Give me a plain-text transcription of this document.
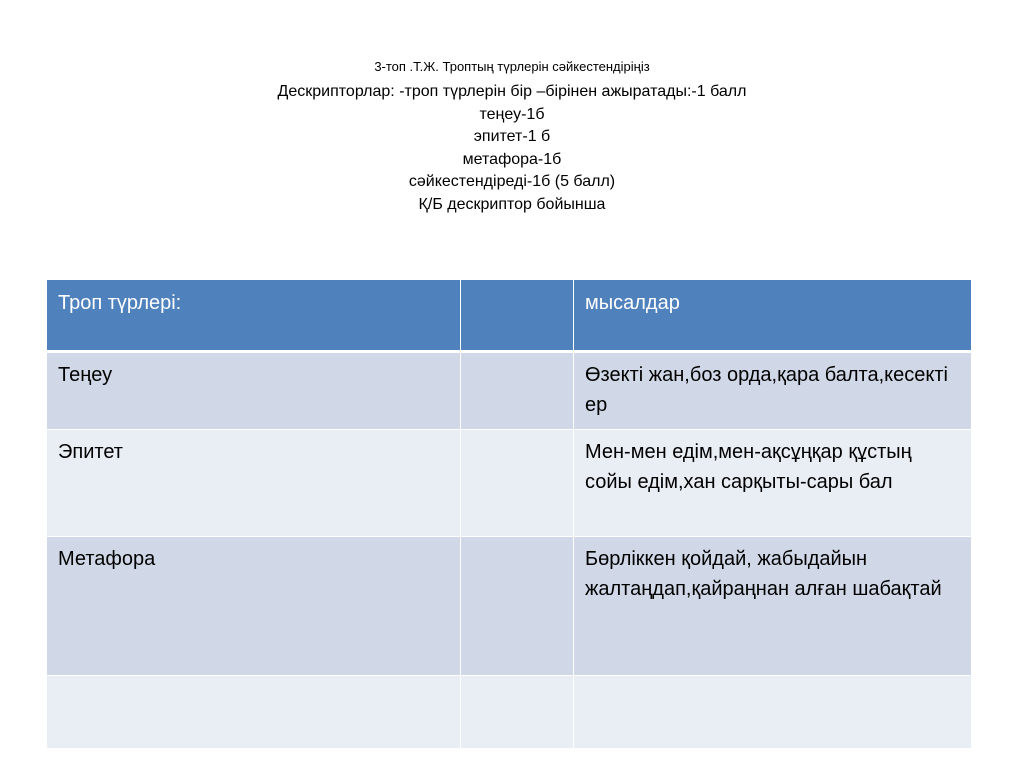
3-топ .Т.Ж. Троптың түрлерін сәйкестендіріңіз
Дескрипторлар: -троп түрлерін бір –бірінен ажыратады:-1 балл
теңеу-1б
эпитет-1 б
метафора-1б
сәйкестендіреді-1б (5 балл)
Қ/Б дескриптор бойынша
Троп түрлері:		мысалдар
Теңеу		Өзекті жан,боз орда,қара балта,кесекті ер
Эпитет		Мен-мен едім,мен-ақсұңқар құстың сойы едім,хан сарқыты-сары бал
Метафора		Бөрліккен қойдай, жабыдайын жалтаңдап,қайраңнан алған шабақтай
